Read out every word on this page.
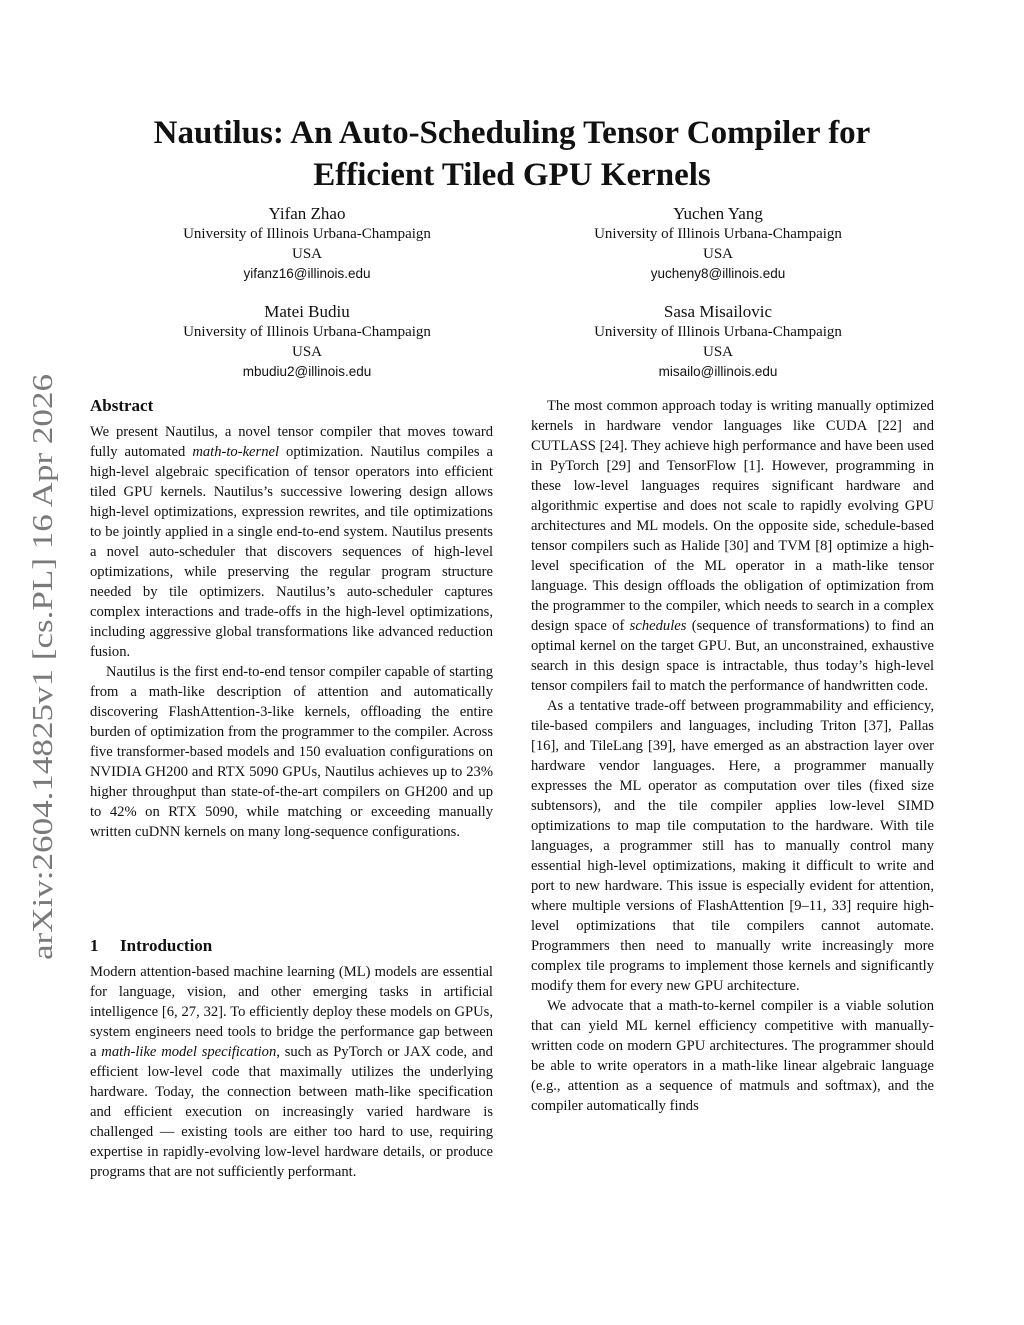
arXiv:2604.14825v1 [cs.PL] 16 Apr 2026
Nautilus: An Auto-Scheduling Tensor Compiler for
Efficient Tiled GPU Kernels
Yifan Zhao
University of Illinois Urbana-Champaign
USA
yifanz16@illinois.edu
Yuchen Yang
University of Illinois Urbana-Champaign
USA
yucheny8@illinois.edu
Matei Budiu
University of Illinois Urbana-Champaign
USA
mbudiu2@illinois.edu
Sasa Misailovic
University of Illinois Urbana-Champaign
USA
misailo@illinois.edu
Abstract

We present Nautilus, a novel tensor compiler that moves toward fully automated math-to-kernel optimization. Nautilus compiles a high-level algebraic specification of tensor operators into efficient tiled GPU kernels. Nautilus’s successive lowering design allows high-level optimizations, expression rewrites, and tile optimizations to be jointly applied in a single end-to-end system. Nautilus presents a novel auto-scheduler that discovers sequences of high-level optimizations, while preserving the regular program structure needed by tile optimizers. Nautilus’s auto-scheduler captures complex interactions and trade-offs in the high-level optimizations, including aggressive global transformations like advanced reduction fusion.

Nautilus is the first end-to-end tensor compiler capable of starting from a math-like description of attention and automatically discovering FlashAttention-3-like kernels, offloading the entire burden of optimization from the programmer to the compiler. Across five transformer-based models and 150 evaluation configurations on NVIDIA GH200 and RTX 5090 GPUs, Nautilus achieves up to 23% higher throughput than state-of-the-art compilers on GH200 and up to 42% on RTX 5090, while matching or exceeding manually written cuDNN kernels on many long-sequence configurations.

1 Introduction

Modern attention-based machine learning (ML) models are essential for language, vision, and other emerging tasks in artificial intelligence [6, 27, 32]. To efficiently deploy these models on GPUs, system engineers need tools to bridge the performance gap between a math-like model specification, such as PyTorch or JAX code, and efficient low-level code that maximally utilizes the underlying hardware. Today, the connection between math-like specification and efficient execution on increasingly varied hardware is challenged — existing tools are either too hard to use, requiring expertise in rapidly-evolving low-level hardware details, or produce programs that are not sufficiently performant.

The most common approach today is writing manually optimized kernels in hardware vendor languages like CUDA [22] and CUTLASS [24]. They achieve high performance and have been used in PyTorch [29] and TensorFlow [1]. However, programming in these low-level languages requires significant hardware and algorithmic expertise and does not scale to rapidly evolving GPU architectures and ML models. On the opposite side, schedule-based tensor compilers such as Halide [30] and TVM [8] optimize a high-level specification of the ML operator in a math-like tensor language. This design offloads the obligation of optimization from the programmer to the compiler, which needs to search in a complex design space of schedules (sequence of transformations) to find an optimal kernel on the target GPU. But, an unconstrained, exhaustive search in this design space is intractable, thus today’s high-level tensor compilers fail to match the performance of handwritten code.

As a tentative trade-off between programmability and efficiency, tile-based compilers and languages, including Triton [37], Pallas [16], and TileLang [39], have emerged as an abstraction layer over hardware vendor languages. Here, a programmer manually expresses the ML operator as computation over tiles (fixed size subtensors), and the tile compiler applies low-level SIMD optimizations to map tile computation to the hardware. With tile languages, a programmer still has to manually control many essential high-level optimizations, making it difficult to write and port to new hardware. This issue is especially evident for attention, where multiple versions of FlashAttention [9–11, 33] require high-level optimizations that tile compilers cannot automate. Programmers then need to manually write increasingly more complex tile programs to implement those kernels and significantly modify them for every new GPU architecture.

We advocate that a math-to-kernel compiler is a viable solution that can yield ML kernel efficiency competitive with manually-written code on modern GPU architectures. The programmer should be able to write operators in a math-like linear algebraic language (e.g., attention as a sequence of matmuls and softmax), and the compiler automatically finds
